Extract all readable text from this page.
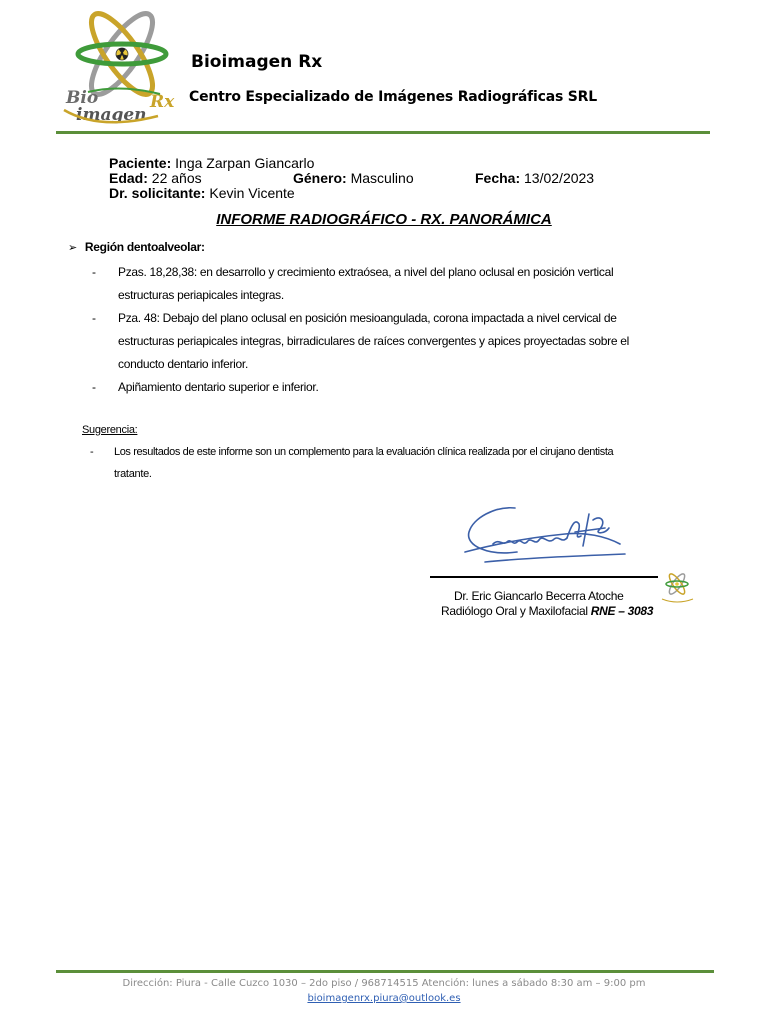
Bio
imagen
Rx
Bioimagen Rx
Centro Especializado de Imágenes Radiográficas SRL
Paciente: Inga Zarpan Giancarlo
Edad: 22 años	Género: Masculino	Fecha: 13/02/2023
Dr. solicitante: Kevin Vicente
INFORME RADIOGRÁFICO - RX. PANORÁMICA
➢ Región dentoalveolar:
- Pzas. 18,28,38: en desarrollo y crecimiento extraósea, a nivel del plano oclusal en posición vertical
estructuras periapicales integras.
- Pza. 48: Debajo del plano oclusal en posición mesioangulada, corona impactada a nivel cervical de
estructuras periapicales integras, birradiculares de raíces convergentes y apices proyectadas sobre el
conducto dentario inferior.
- Apiñamiento dentario superior e inferior.
Sugerencia:
- Los resultados de este informe son un complemento para la evaluación clínica realizada por el cirujano dentista
tratante.
Dr. Eric Giancarlo Becerra Atoche
Radiólogo Oral y Maxilofacial RNE – 3083
Dirección: Piura - Calle Cuzco 1030 – 2do piso / 968714515 Atención: lunes a sábado 8:30 am – 9:00 pm
bioimagenrx.piura@outlook.es
